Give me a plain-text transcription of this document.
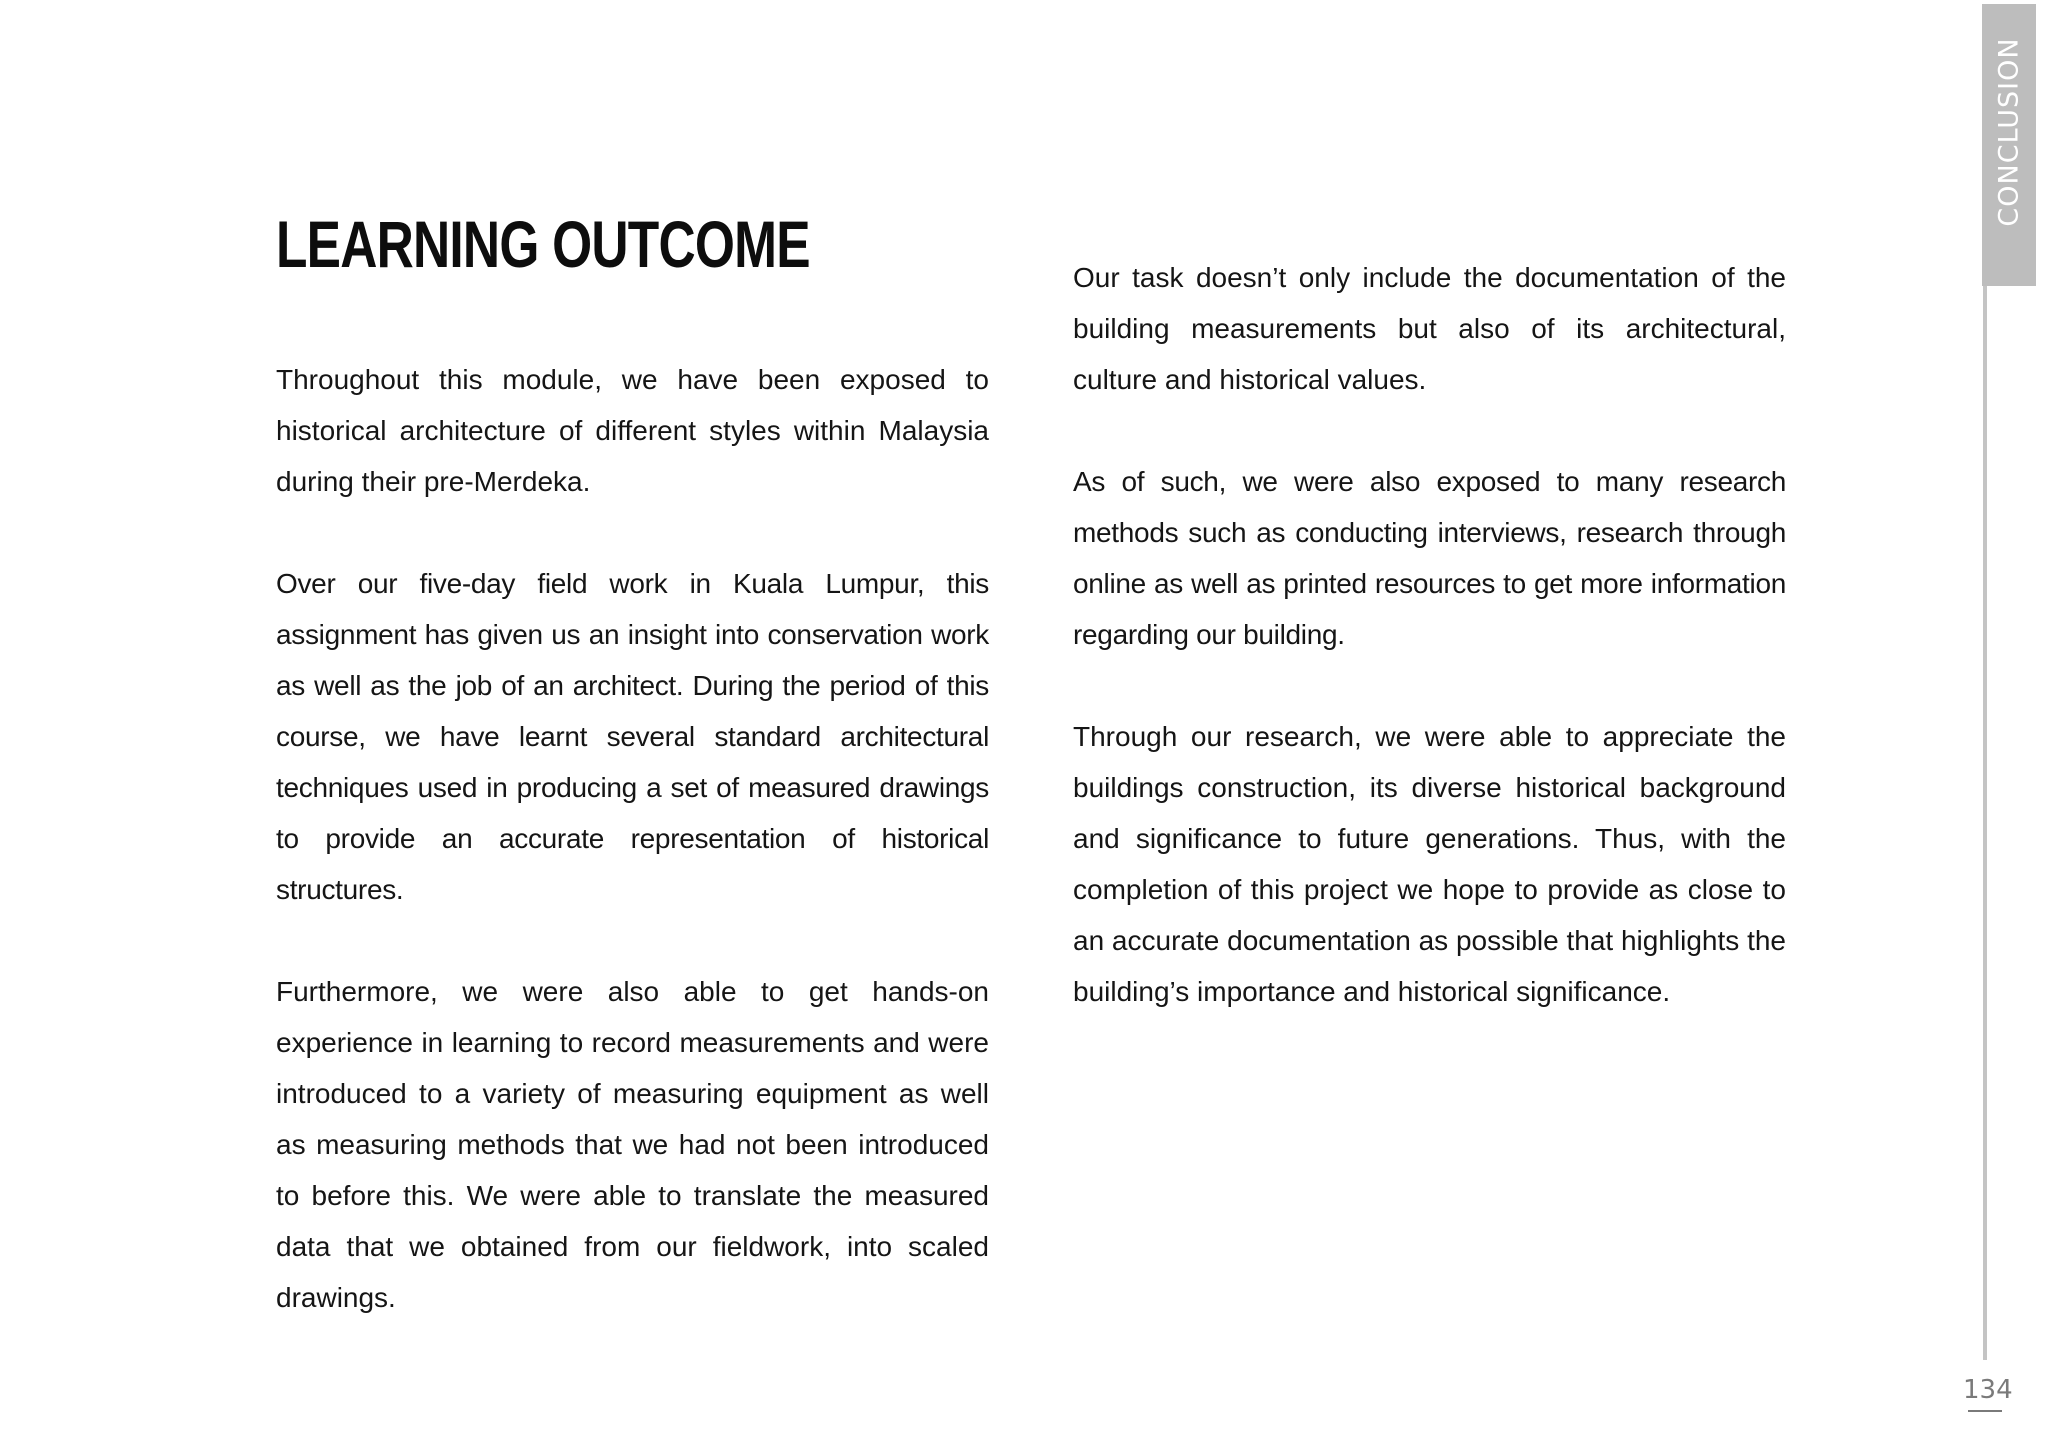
LEARNING OUTCOME

Throughout this module, we have been exposed to historical architecture of different styles within Malaysia during their pre-Merdeka.

Over our five-day field work in Kuala Lumpur, this assignment has given us an insight into conservation work as well as the job of an architect. During the period of this course, we have learnt several standard architectural techniques used in producing a set of measured drawings to provide an accurate representation of historical structures.

Furthermore, we were also able to get hands-on experience in learning to record measurements and were introduced to a variety of measuring equipment as well as measuring methods that we had not been introduced to before this. We were able to translate the measured data that we obtained from our fieldwork, into scaled drawings.

Our task doesn’t only include the documentation of the building measurements but also of its architectural, culture and historical values.

As of such, we were also exposed to many research methods such as conducting interviews, research through online as well as printed resources to get more information regarding our building.

Through our research, we were able to appreciate the buildings construction, its diverse historical background and significance to future generations. Thus, with the completion of this project we hope to provide as close to an accurate documentation as possible that highlights the building’s importance and historical significance.

CONCLUSION
134
